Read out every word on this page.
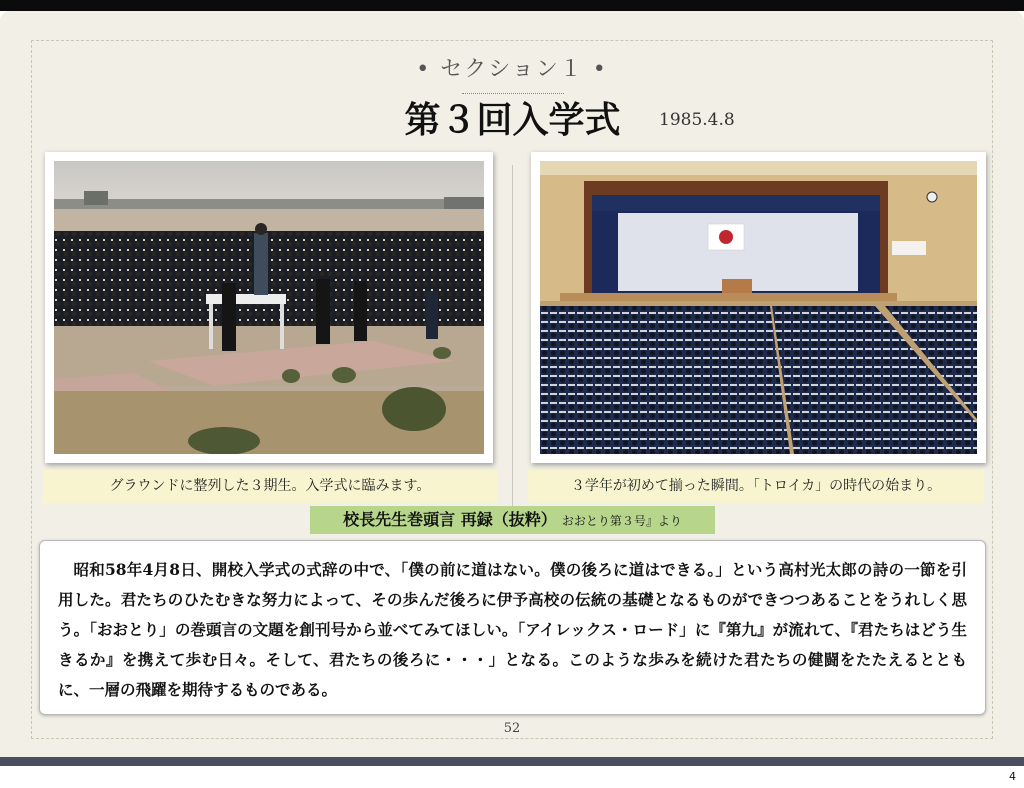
• セクション１ •
第３回入学式	1985.4.8
グラウンドに整列した３期生。入学式に臨みます。	３学年が初めて揃った瞬間。「トロイカ」の時代の始まり。
校長先生巻頭言 再録（抜粋） おおとり第３号』より

昭和58年4月8日、開校入学式の式辞の中で、「僕の前に道はない。僕の後ろに道はできる。」という高村光太郎の詩の一節を引用した。君たちのひたむきな努力によって、その歩んだ後ろに伊予高校の伝統の基礎となるものができつつあることをうれしく思う。「おおとり」の巻頭言の文題を創刊号から並べてみてほしい。「アイレックス・ロード」に『第九』が流れて、『君たちはどう生きるか』を携えて歩む日々。そして、君たちの後ろに・・・」となる。このような歩みを続けた君たちの健闘をたたえるとともに、一層の飛躍を期待するものである。

52
4
